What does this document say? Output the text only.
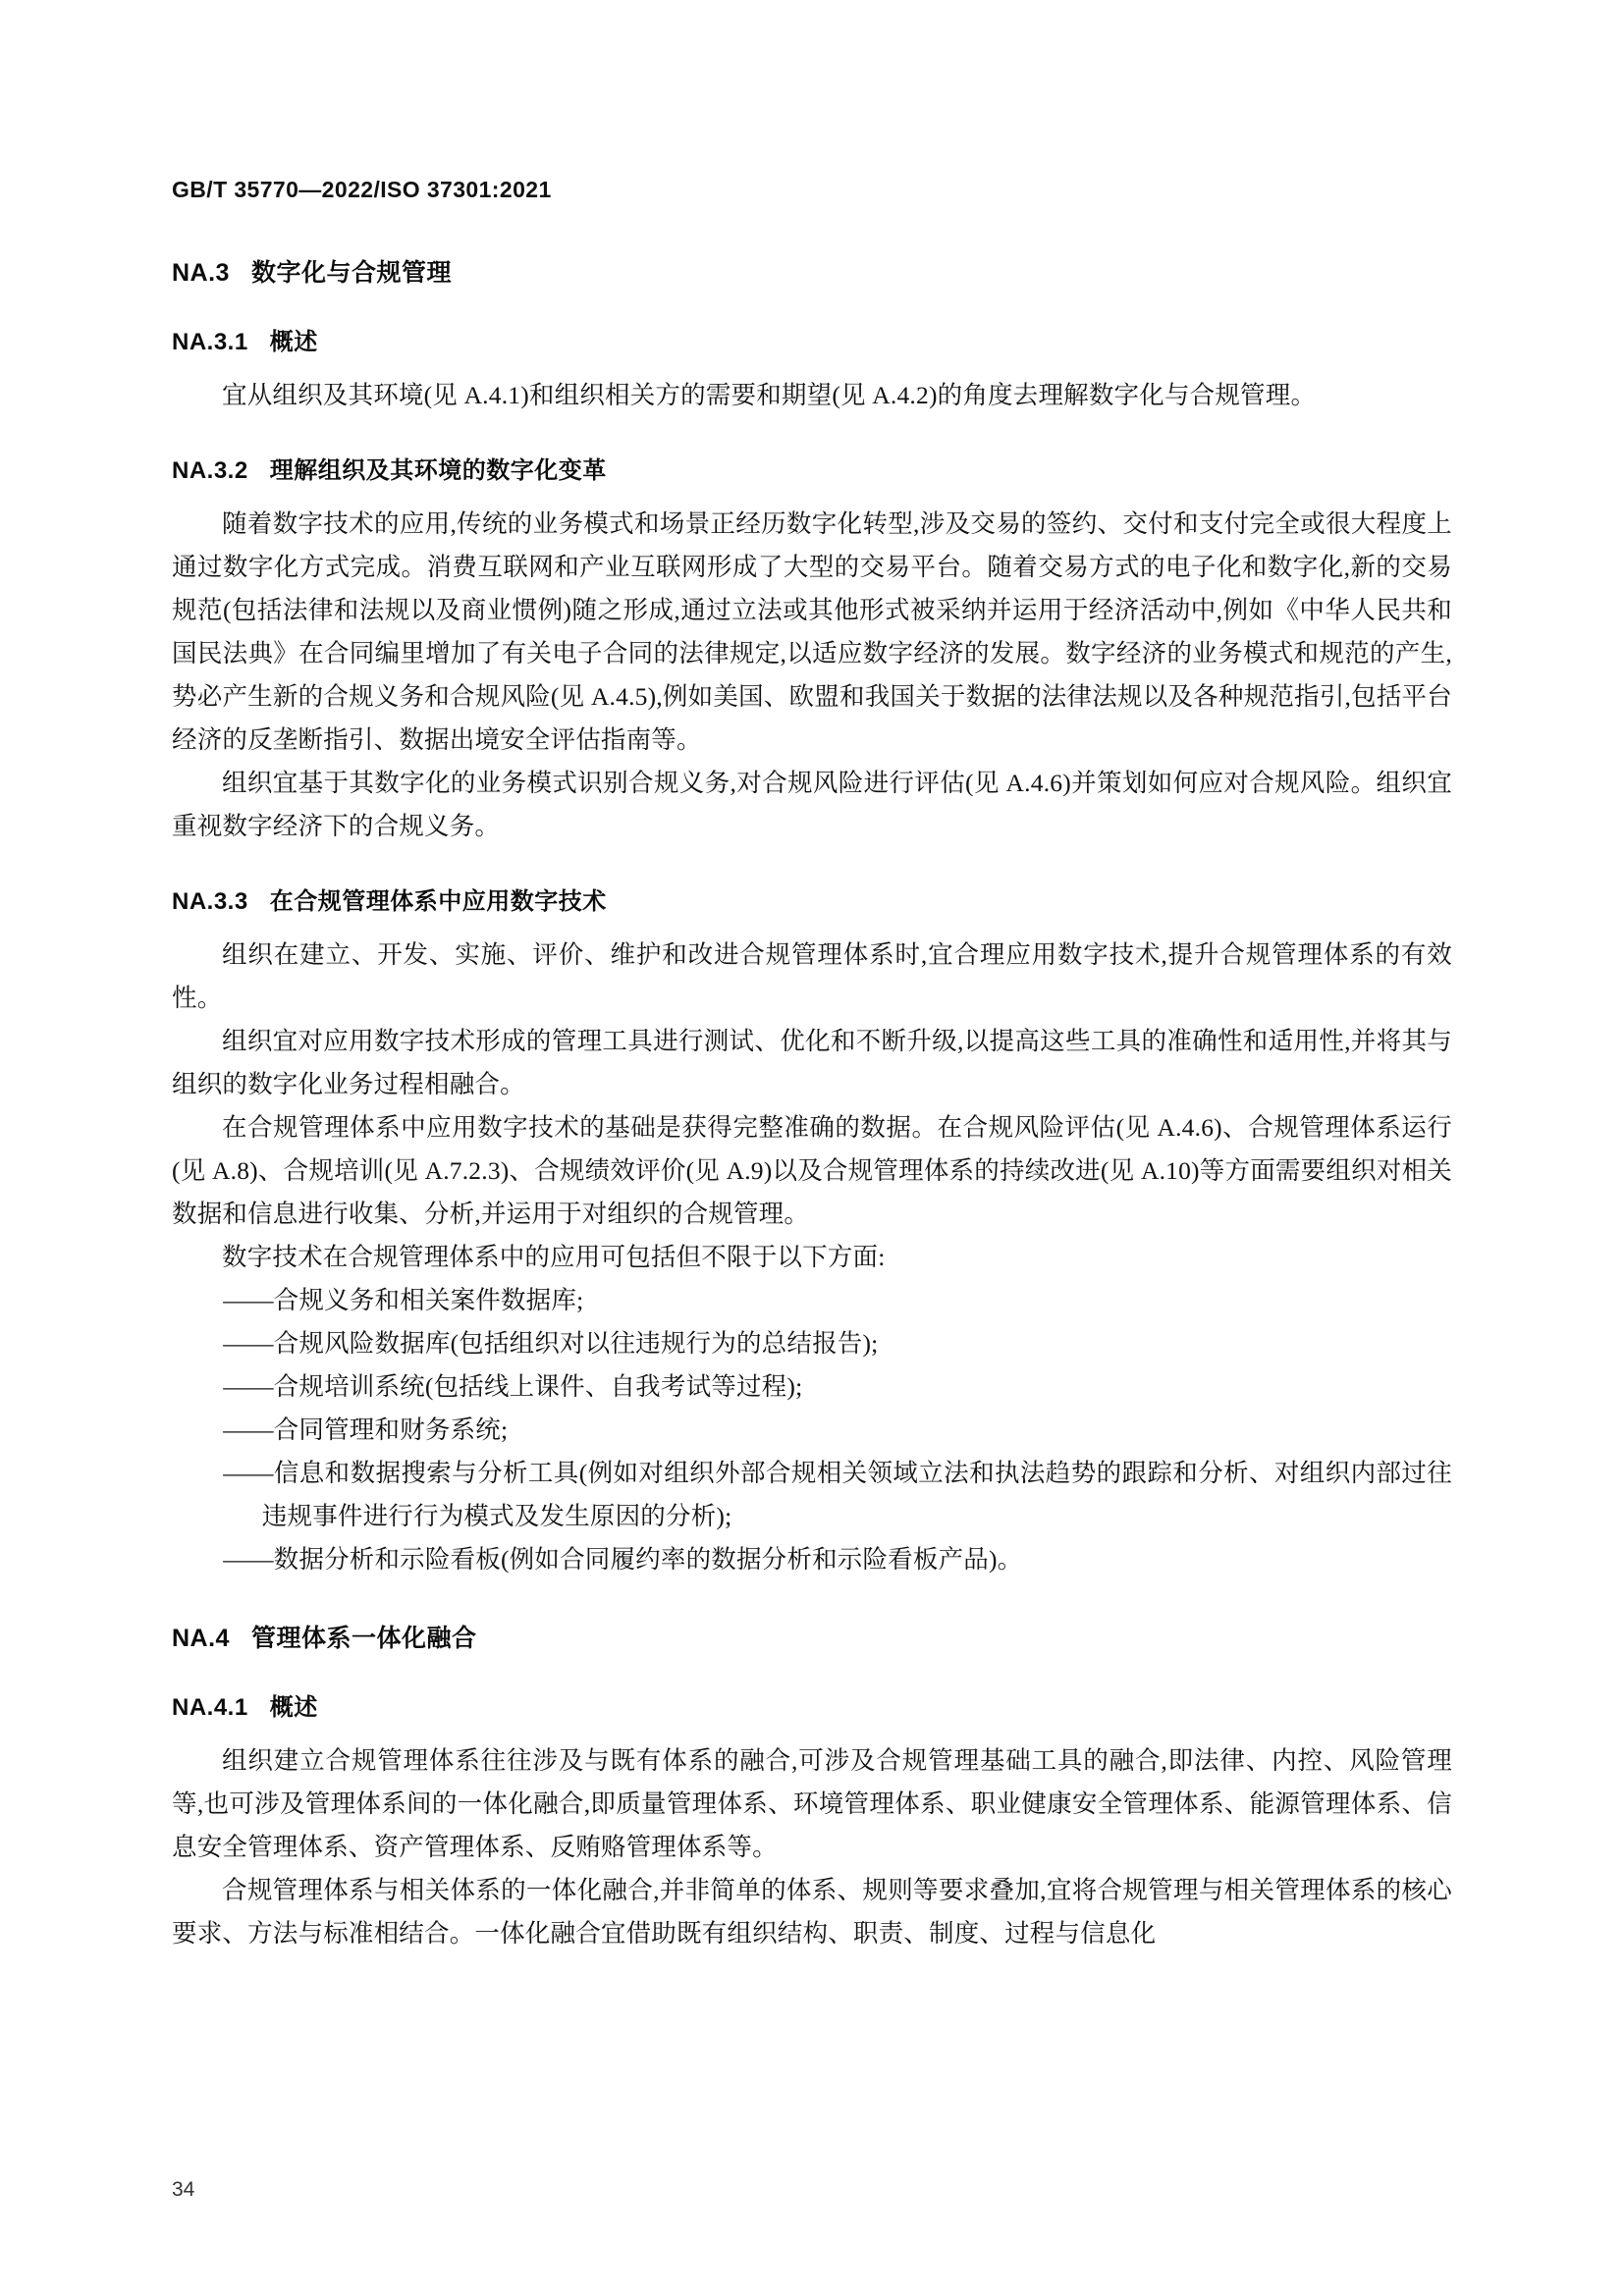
GB/T 35770—2022/ISO 37301:2021
NA.3 数字化与合规管理
NA.3.1 概述

宜从组织及其环境(见 A.4.1)和组织相关方的需要和期望(见 A.4.2)的角度去理解数字化与合规管理。

NA.3.2 理解组织及其环境的数字化变革

随着数字技术的应用,传统的业务模式和场景正经历数字化转型,涉及交易的签约、交付和支付完全或很大程度上通过数字化方式完成。消费互联网和产业互联网形成了大型的交易平台。随着交易方式的电子化和数字化,新的交易规范(包括法律和法规以及商业惯例)随之形成,通过立法或其他形式被采纳并运用于经济活动中,例如《中华人民共和国民法典》在合同编里增加了有关电子合同的法律规定,以适应数字经济的发展。数字经济的业务模式和规范的产生,势必产生新的合规义务和合规风险(见 A.4.5),例如美国、欧盟和我国关于数据的法律法规以及各种规范指引,包括平台经济的反垄断指引、数据出境安全评估指南等。

组织宜基于其数字化的业务模式识别合规义务,对合规风险进行评估(见 A.4.6)并策划如何应对合规风险。组织宜重视数字经济下的合规义务。

NA.3.3 在合规管理体系中应用数字技术

组织在建立、开发、实施、评价、维护和改进合规管理体系时,宜合理应用数字技术,提升合规管理体系的有效性。

组织宜对应用数字技术形成的管理工具进行测试、优化和不断升级,以提高这些工具的准确性和适用性,并将其与组织的数字化业务过程相融合。

在合规管理体系中应用数字技术的基础是获得完整准确的数据。在合规风险评估(见 A.4.6)、合规管理体系运行(见 A.8)、合规培训(见 A.7.2.3)、合规绩效评价(见 A.9)以及合规管理体系的持续改进(见 A.10)等方面需要组织对相关数据和信息进行收集、分析,并运用于对组织的合规管理。

数字技术在合规管理体系中的应用可包括但不限于以下方面:

——合规义务和相关案件数据库;
——合规风险数据库(包括组织对以往违规行为的总结报告);
——合规培训系统(包括线上课件、自我考试等过程);
——合同管理和财务系统;
——信息和数据搜索与分析工具(例如对组织外部合规相关领域立法和执法趋势的跟踪和分析、对组织内部过往违规事件进行行为模式及发生原因的分析);
——数据分析和示险看板(例如合同履约率的数据分析和示险看板产品)。
NA.4 管理体系一体化融合
NA.4.1 概述

组织建立合规管理体系往往涉及与既有体系的融合,可涉及合规管理基础工具的融合,即法律、内控、风险管理等,也可涉及管理体系间的一体化融合,即质量管理体系、环境管理体系、职业健康安全管理体系、能源管理体系、信息安全管理体系、资产管理体系、反贿赂管理体系等。

合规管理体系与相关体系的一体化融合,并非简单的体系、规则等要求叠加,宜将合规管理与相关管理体系的核心要求、方法与标准相结合。一体化融合宜借助既有组织结构、职责、制度、过程与信息化

34
